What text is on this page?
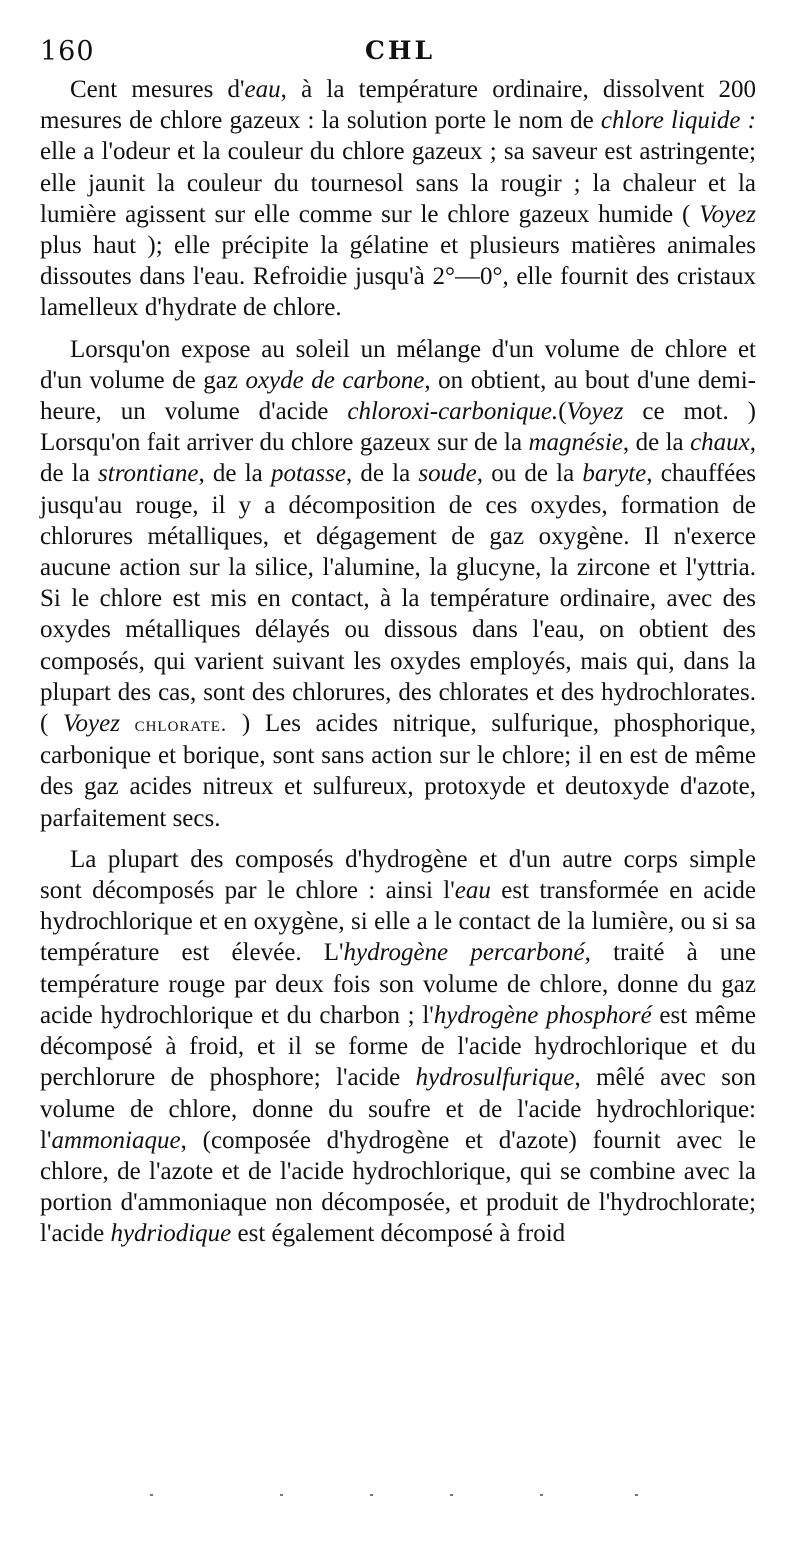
160	CHL

Cent mesures d'eau, à la température ordinaire, dissolvent 200 mesures de chlore gazeux : la solution porte le nom de chlore liquide : elle a l'odeur et la couleur du chlore gazeux ; sa saveur est astringente; elle jaunit la couleur du tournesol sans la rougir ; la chaleur et la lumière agissent sur elle comme sur le chlore gazeux humide ( Voyez plus haut ); elle précipite la gélatine et plusieurs matières animales dissoutes dans l'eau. Refroidie jusqu'à 2°—0°, elle fournit des cristaux lamelleux d'hydrate de chlore.

Lorsqu'on expose au soleil un mélange d'un volume de chlore et d'un volume de gaz oxyde de carbone, on obtient, au bout d'une demi-heure, un volume d'acide chloroxi-carbonique.(Voyez ce mot. ) Lorsqu'on fait arriver du chlore gazeux sur de la magnésie, de la chaux, de la strontiane, de la potasse, de la soude, ou de la baryte, chauffées jusqu'au rouge, il y a décomposition de ces oxydes, formation de chlorures métalliques, et dégagement de gaz oxygène. Il n'exerce aucune action sur la silice, l'alumine, la glucyne, la zircone et l'yttria. Si le chlore est mis en contact, à la température ordinaire, avec des oxydes métalliques délayés ou dissous dans l'eau, on obtient des composés, qui varient suivant les oxydes employés, mais qui, dans la plupart des cas, sont des chlorures, des chlorates et des hydrochlorates. ( Voyez chlorate. ) Les acides nitrique, sulfurique, phosphorique, carbonique et borique, sont sans action sur le chlore; il en est de même des gaz acides nitreux et sulfureux, protoxyde et deutoxyde d'azote, parfaitement secs.

La plupart des composés d'hydrogène et d'un autre corps simple sont décomposés par le chlore : ainsi l'eau est transformée en acide hydrochlorique et en oxygène, si elle a le contact de la lumière, ou si sa température est élevée. L'hydrogène percarboné, traité à une température rouge par deux fois son volume de chlore, donne du gaz acide hydrochlorique et du charbon ; l'hydrogène phosphoré est même décomposé à froid, et il se forme de l'acide hydrochlorique et du perchlorure de phosphore; l'acide hydrosulfurique, mêlé avec son volume de chlore, donne du soufre et de l'acide hydrochlorique: l'ammoniaque, (composée d'hydrogène et d'azote) fournit avec le chlore, de l'azote et de l'acide hydrochlorique, qui se combine avec la portion d'ammoniaque non décomposée, et produit de l'hydrochlorate; l'acide hydriodique est également décomposé à froid
